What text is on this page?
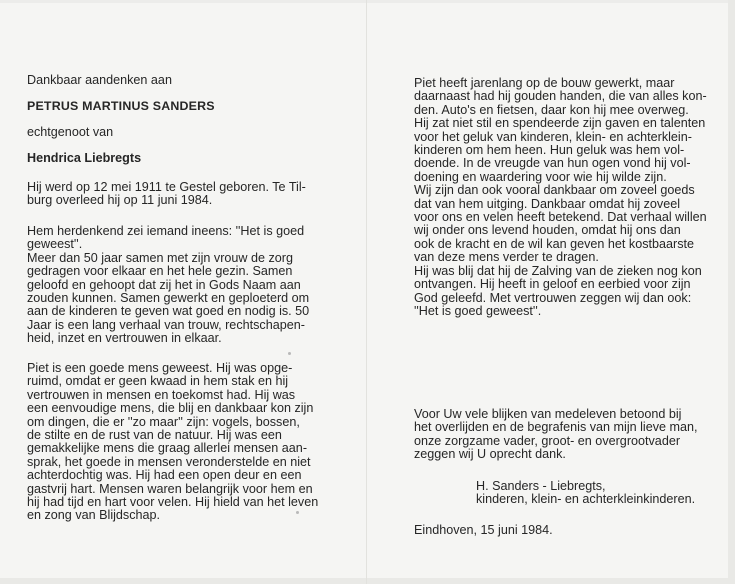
Dankbaar aandenken aan

PETRUS MARTINUS SANDERS

echtgenoot van

Hendrica Liebregts

Hij werd op 12 mei 1911 te Gestel geboren. Te Til-
burg overleed hij op 11 juni 1984.

Hem herdenkend zei iemand ineens: ''Het is goed
geweest''.
Meer dan 50 jaar samen met zijn vrouw de zorg
gedragen voor elkaar en het hele gezin. Samen
geloofd en gehoopt dat zij het in Gods Naam aan
zouden kunnen. Samen gewerkt en geploeterd om
aan de kinderen te geven wat goed en nodig is. 50
Jaar is een lang verhaal van trouw, rechtschapen-
heid, inzet en vertrouwen in elkaar.

Piet is een goede mens geweest. Hij was opge-
ruimd, omdat er geen kwaad in hem stak en hij
vertrouwen in mensen en toekomst had. Hij was
een eenvoudige mens, die blij en dankbaar kon zijn
om dingen, die er ''zo maar'' zijn: vogels, bossen,
de stilte en de rust van de natuur. Hij was een
gemakkelijke mens die graag allerlei mensen aan-
sprak, het goede in mensen veronderstelde en niet
achterdochtig was. Hij had een open deur en een
gastvrij hart. Mensen waren belangrijk voor hem en
hij had tijd en hart voor velen. Hij hield van het leven
en zong van Blijdschap.

Piet heeft jarenlang op de bouw gewerkt, maar
daarnaast had hij gouden handen, die van alles kon-
den. Auto's en fietsen, daar kon hij mee overweg.
Hij zat niet stil en spendeerde zijn gaven en talenten
voor het geluk van kinderen, klein- en achterklein-
kinderen om hem heen. Hun geluk was hem vol-
doende. In de vreugde van hun ogen vond hij vol-
doening en waardering voor wie hij wilde zijn.
Wij zijn dan ook vooral dankbaar om zoveel goeds
dat van hem uitging. Dankbaar omdat hij zoveel
voor ons en velen heeft betekend. Dat verhaal willen
wij onder ons levend houden, omdat hij ons dan
ook de kracht en de wil kan geven het kostbaarste
van deze mens verder te dragen.
Hij was blij dat hij de Zalving van de zieken nog kon
ontvangen. Hij heeft in geloof en eerbied voor zijn
God geleefd. Met vertrouwen zeggen wij dan ook:
''Het is goed geweest''.

Voor Uw vele blijken van medeleven betoond bij
het overlijden en de begrafenis van mijn lieve man,
onze zorgzame vader, groot- en overgrootvader
zeggen wij U oprecht dank.

H. Sanders - Liebregts,
kinderen, klein- en achterkleinkinderen.

Eindhoven, 15 juni 1984.
